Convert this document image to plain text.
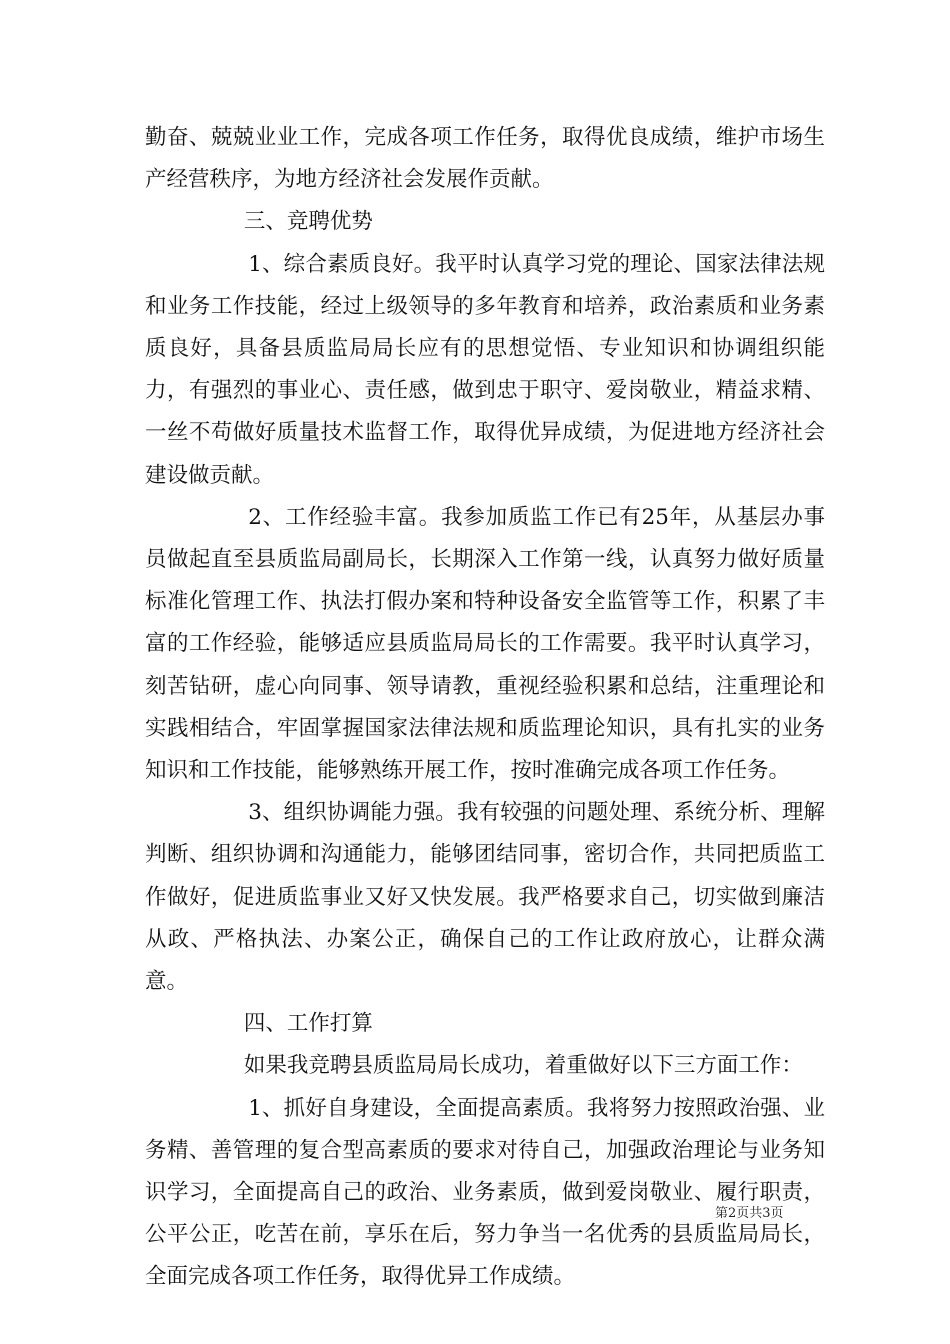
勤奋、兢兢业业工作，完成各项工作任务，取得优良成绩，维护市场生产经营秩序，为地方经济社会发展作贡献。

三、竞聘优势

1、综合素质良好。我平时认真学习党的理论、国家法律法规和业务工作技能，经过上级领导的多年教育和培养，政治素质和业务素质良好，具备县质监局局长应有的思想觉悟、专业知识和协调组织能力，有强烈的事业心、责任感，做到忠于职守、爱岗敬业，精益求精、一丝不苟做好质量技术监督工作，取得优异成绩，为促进地方经济社会建设做贡献。

2、工作经验丰富。我参加质监工作已有25年，从基层办事员做起直至县质监局副局长，长期深入工作第一线，认真努力做好质量标准化管理工作、执法打假办案和特种设备安全监管等工作，积累了丰富的工作经验，能够适应县质监局局长的工作需要。我平时认真学习，刻苦钻研，虚心向同事、领导请教，重视经验积累和总结，注重理论和实践相结合，牢固掌握国家法律法规和质监理论知识，具有扎实的业务知识和工作技能，能够熟练开展工作，按时准确完成各项工作任务。

3、组织协调能力强。我有较强的问题处理、系统分析、理解判断、组织协调和沟通能力，能够团结同事，密切合作，共同把质监工作做好，促进质监事业又好又快发展。我严格要求自己，切实做到廉洁从政、严格执法、办案公正，确保自己的工作让政府放心，让群众满意。

四、工作打算

如果我竞聘县质监局局长成功，着重做好以下三方面工作：

1、抓好自身建设，全面提高素质。我将努力按照政治强、业务精、善管理的复合型高素质的要求对待自己，加强政治理论与业务知识学习，全面提高自己的政治、业务素质，做到爱岗敬业、履行职责，公平公正，吃苦在前，享乐在后，努力争当一名优秀的县质监局局长，全面完成各项工作任务，取得优异工作成绩。

第2页共3页
